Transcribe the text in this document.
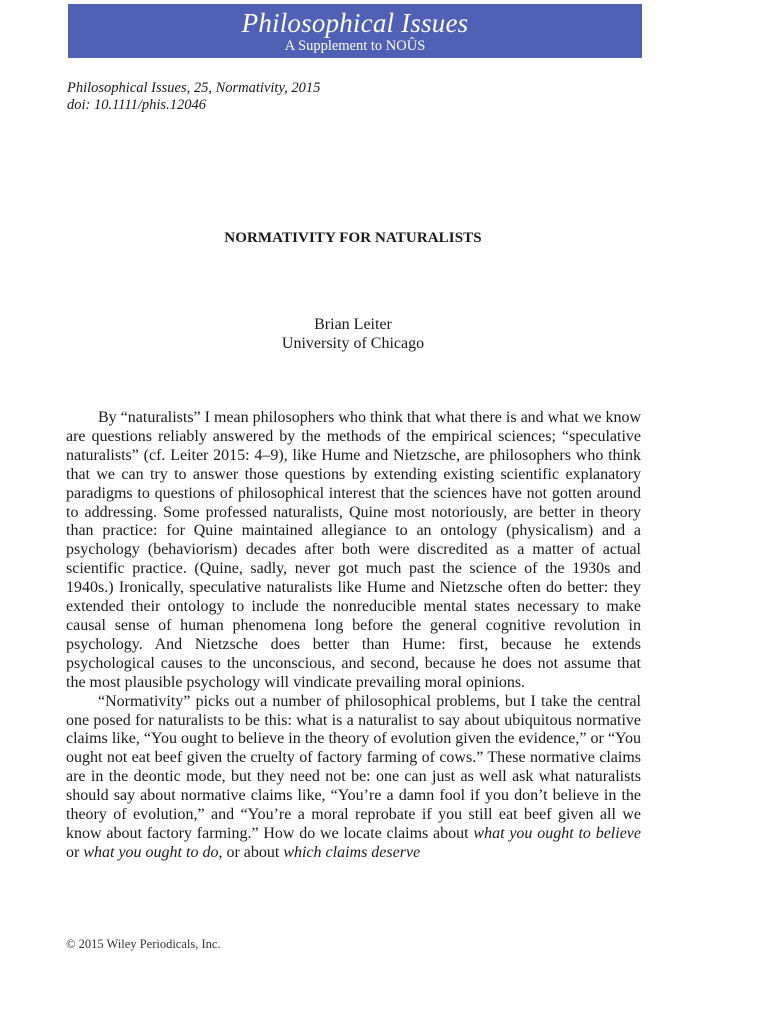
Philosophical Issues
A Supplement to NOÛS
Philosophical Issues, 25, Normativity, 2015
doi: 10.1111/phis.12046
NORMATIVITY FOR NATURALISTS
Brian Leiter
University of Chicago

By “naturalists” I mean philosophers who think that what there is and what we know are questions reliably answered by the methods of the empirical sciences; “speculative naturalists” (cf. Leiter 2015: 4–9), like Hume and Nietzsche, are philosophers who think that we can try to answer those questions by extending existing scientific explanatory paradigms to questions of philosophical interest that the sciences have not gotten around to addressing. Some professed naturalists, Quine most notoriously, are better in theory than practice: for Quine maintained allegiance to an ontology (physicalism) and a psychology (behaviorism) decades after both were discredited as a matter of actual scientific practice. (Quine, sadly, never got much past the science of the 1930s and 1940s.) Ironically, speculative naturalists like Hume and Nietzsche often do better: they extended their ontology to include the nonreducible mental states necessary to make causal sense of human phenomena long before the general cognitive revolution in psychology. And Nietzsche does better than Hume: first, because he extends psychological causes to the unconscious, and second, because he does not assume that the most plausible psychology will vindicate prevailing moral opinions.

“Normativity” picks out a number of philosophical problems, but I take the central one posed for naturalists to be this: what is a naturalist to say about ubiquitous normative claims like, “You ought to believe in the theory of evolution given the evidence,” or “You ought not eat beef given the cruelty of factory farming of cows.” These normative claims are in the deontic mode, but they need not be: one can just as well ask what naturalists should say about normative claims like, “You’re a damn fool if you don’t believe in the theory of evolution,” and “You’re a moral reprobate if you still eat beef given all we know about factory farming.” How do we locate claims about what you ought to believe or what you ought to do, or about which claims deserve

© 2015 Wiley Periodicals, Inc.
